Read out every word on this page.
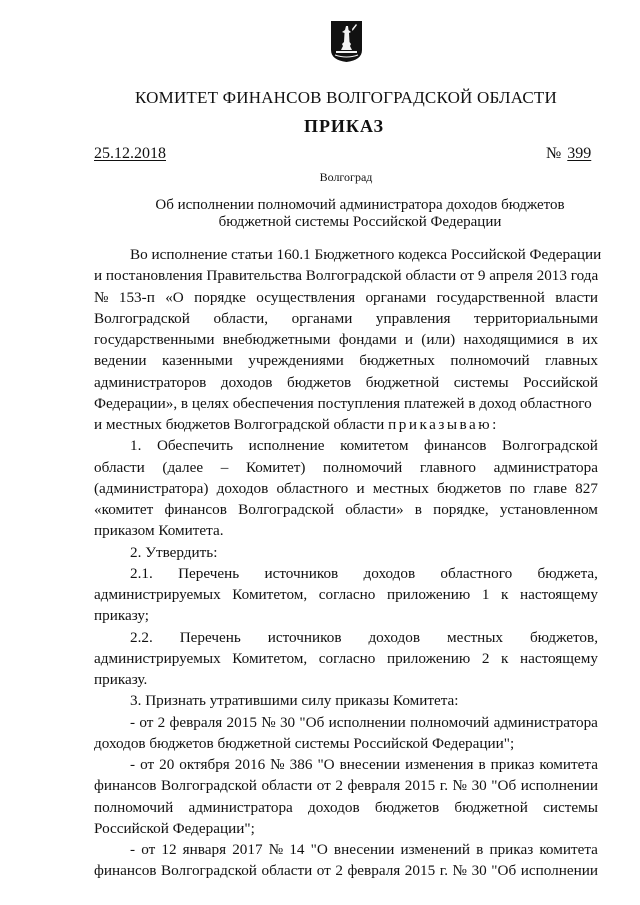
КОМИТЕТ ФИНАНСОВ ВОЛГОГРАДСКОЙ ОБЛАСТИ
ПРИКАЗ
25.12.2018	№ 399
Волгоград
Об исполнении полномочий администратора доходов бюджетов
бюджетной системы Российской Федерации
Во исполнение статьи 160.1 Бюджетного кодекса Российской Федерации
и постановления Правительства Волгоградской области от 9 апреля 2013 года
№ 153-п «О порядке осуществления органами государственной власти
Волгоградской области, органами управления территориальными
государственными внебюджетными фондами и (или) находящимися в их
ведении казенными учреждениями бюджетных полномочий главных
администраторов доходов бюджетов бюджетной системы Российской
Федерации», в целях обеспечения поступления платежей в доход областного
и местных бюджетов Волгоградской области приказываю:
1. Обеспечить исполнение комитетом финансов Волгоградской
области (далее – Комитет) полномочий главного администратора
(администратора) доходов областного и местных бюджетов по главе 827
«комитет финансов Волгоградской области» в порядке, установленном
приказом Комитета.
2. Утвердить:
2.1. Перечень источников доходов областного бюджета,
администрируемых Комитетом, согласно приложению 1 к настоящему
приказу;
2.2. Перечень источников доходов местных бюджетов,
администрируемых Комитетом, согласно приложению 2 к настоящему
приказу.
3. Признать утратившими силу приказы Комитета:
- от 2 февраля 2015 № 30 "Об исполнении полномочий администратора
доходов бюджетов бюджетной системы Российской Федерации";
- от 20 октября 2016 № 386 "О внесении изменения в приказ комитета
финансов Волгоградской области от 2 февраля 2015 г. № 30 "Об исполнении
полномочий администратора доходов бюджетов бюджетной системы
Российской Федерации";
- от 12 января 2017 № 14 "О внесении изменений в приказ комитета
финансов Волгоградской области от 2 февраля 2015 г. № 30 "Об исполнении
